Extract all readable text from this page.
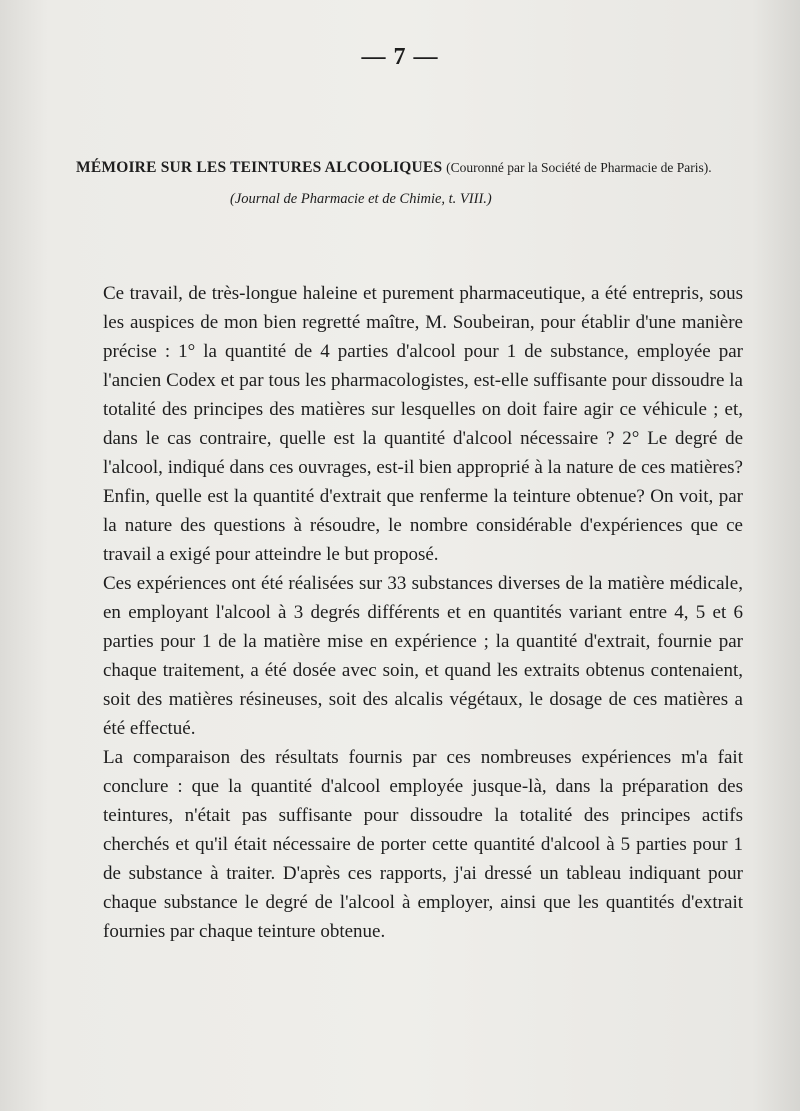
— 7 —
MÉMOIRE SUR LES TEINTURES ALCOOLIQUES (Couronné par la Société de Pharmacie de Paris).
(Journal de Pharmacie et de Chimie, t. VIII.)

Ce travail, de très-longue haleine et purement pharmaceutique, a été entrepris, sous les auspices de mon bien regretté maître, M. Soubeiran, pour établir d'une manière précise : 1° la quantité de 4 parties d'alcool pour 1 de substance, employée par l'ancien Codex et par tous les pharmacologistes, est-elle suffisante pour dissoudre la totalité des principes des matières sur lesquelles on doit faire agir ce véhicule ; et, dans le cas contraire, quelle est la quantité d'alcool nécessaire ? 2° Le degré de l'alcool, indiqué dans ces ouvrages, est-il bien approprié à la nature de ces matières? Enfin, quelle est la quantité d'extrait que renferme la teinture obtenue? On voit, par la nature des questions à résoudre, le nombre considérable d'expériences que ce travail a exigé pour atteindre le but proposé.

Ces expériences ont été réalisées sur 33 substances diverses de la matière médicale, en employant l'alcool à 3 degrés différents et en quantités variant entre 4, 5 et 6 parties pour 1 de la matière mise en expérience ; la quantité d'extrait, fournie par chaque traitement, a été dosée avec soin, et quand les extraits obtenus contenaient, soit des matières résineuses, soit des alcalis végétaux, le dosage de ces matières a été effectué.

La comparaison des résultats fournis par ces nombreuses expériences m'a fait conclure : que la quantité d'alcool employée jusque-là, dans la préparation des teintures, n'était pas suffisante pour dissoudre la totalité des principes actifs cherchés et qu'il était nécessaire de porter cette quantité d'alcool à 5 parties pour 1 de substance à traiter. D'après ces rapports, j'ai dressé un tableau indiquant pour chaque substance le degré de l'alcool à employer, ainsi que les quantités d'extrait fournies par chaque teinture obtenue.
